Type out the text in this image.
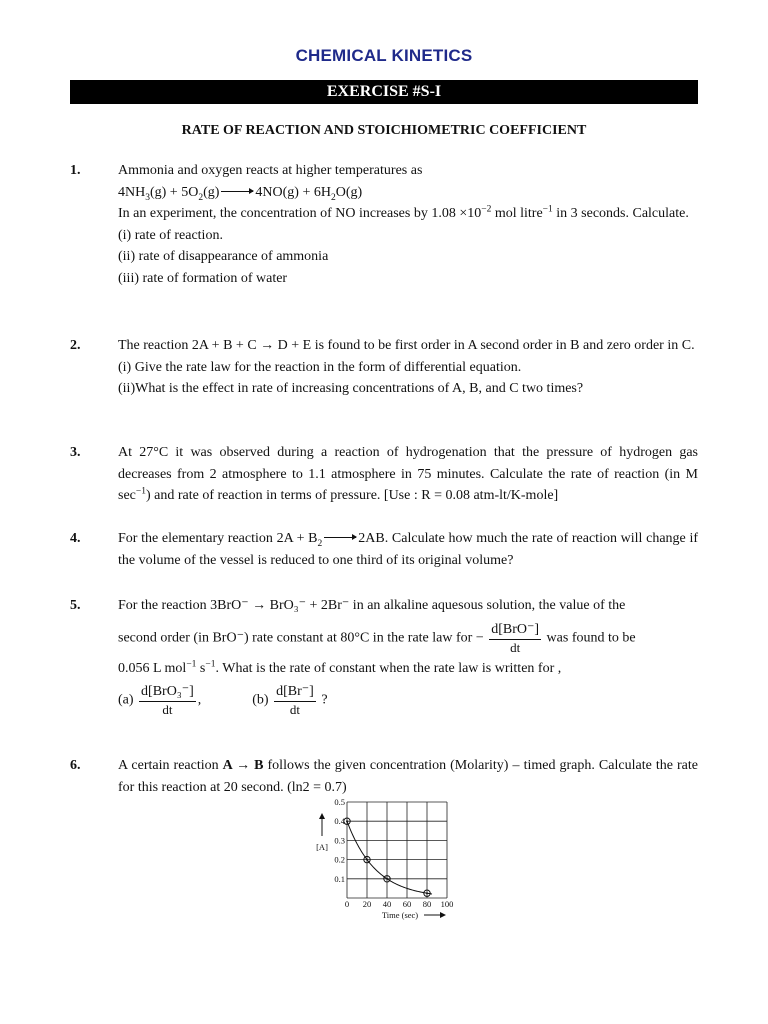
CHEMICAL KINETICS
EXERCISE #S-I
RATE OF REACTION AND STOICHIOMETRIC COEFFICIENT
1.	Ammonia and oxygen reacts at higher temperatures as
$4NH_3(g) + 5O_2(g)$	$4NO(g) + 6H_2O(g)$
In an experiment, the concentration of NO increases by $1.08 \times 10^{-2}$ mol litre$^{-1}$ in 3 seconds. Calculate.
(i) rate of reaction.
(ii) rate of disappearance of ammonia
(iii) rate of formation of water
2.	The reaction 2A + B + C → D + E is found to be first order in A second order in B and zero order in C.
(i) Give the rate law for the reaction in the form of differential equation.
(ii)What is the effect in rate of increasing concentrations of A, B, and C two times?
3.	At 27°C it was observed during a reaction of hydrogenation that the pressure of hydrogen gas decreases from 2 atmosphere to 1.1 atmosphere in 75 minutes. Calculate the rate of reaction (in M $\sec^{-1}$) and rate of reaction in terms of pressure. [Use : R = 0.08 atm-lt/K-mole]
4.	For the elementary reaction $2A + B_2$	2AB. Calculate how much the rate of reaction will change if the volume of the vessel is reduced to one third of its original volume?
5.	For the reaction 3BrO⁻ → BrO₃⁻ + 2Br⁻ in an alkaline aquesous solution, the value of the
second order (in BrO⁻) rate constant at 80°C in the rate law for − $\frac{\text{d[BrO⁻]}}{dt}$ was found to be
0.056 L mol$^{-1}$ $s^{-1}$. What is the rate of constant when the rate law is written for ,
$(a) \frac{\text{d[BrO₃⁻]}}{dt}$ ,	$(b) \frac{d[Br^-]}{dt}$ ?
6.	A certain reaction A → B follows the given concentration (Molarity) – timed graph. Calculate the rate for this reaction at 20 second. (ln2 = 0.7)
0.1
0.2
0.3
0.4
0.5
0 20 40 60 80 100
[A]
Time (sec)
